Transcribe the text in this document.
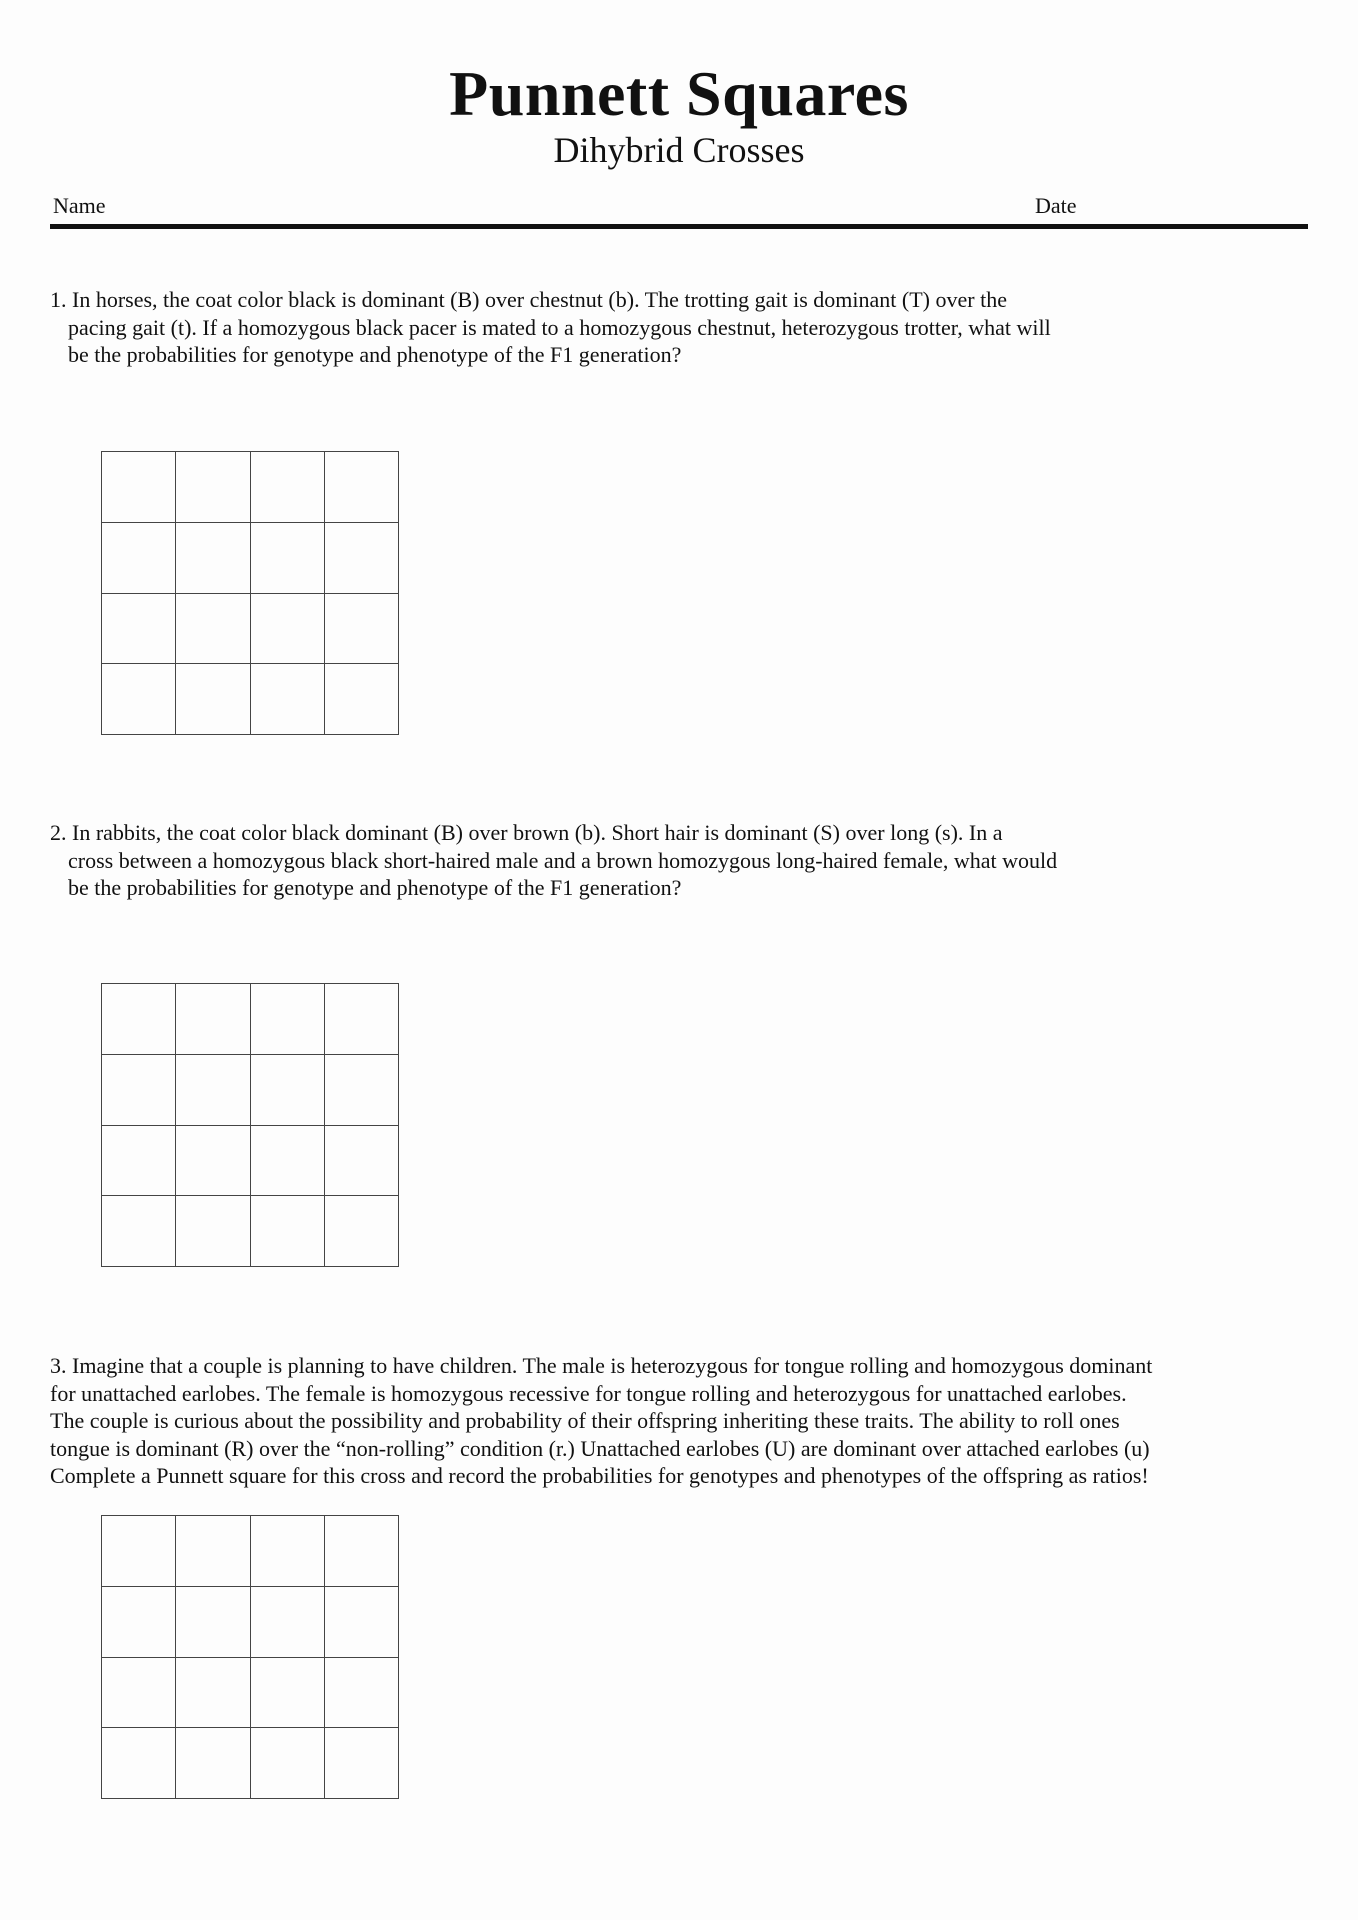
Punnett Squares
Dihybrid Crosses
Name	Date
1. In horses, the coat color black is dominant (B) over chestnut (b). The trotting gait is dominant (T) over the
pacing gait (t). If a homozygous black pacer is mated to a homozygous chestnut, heterozygous trotter, what will
be the probabilities for genotype and phenotype of the F1 generation?
2. In rabbits, the coat color black dominant (B) over brown (b). Short hair is dominant (S) over long (s). In a
cross between a homozygous black short-haired male and a brown homozygous long-haired female, what would
be the probabilities for genotype and phenotype of the F1 generation?
3. Imagine that a couple is planning to have children. The male is heterozygous for tongue rolling and homozygous dominant
for unattached earlobes. The female is homozygous recessive for tongue rolling and heterozygous for unattached earlobes.
The couple is curious about the possibility and probability of their offspring inheriting these traits. The ability to roll ones
tongue is dominant (R) over the “non-rolling” condition (r.) Unattached earlobes (U) are dominant over attached earlobes (u)
Complete a Punnett square for this cross and record the probabilities for genotypes and phenotypes of the offspring as ratios!
